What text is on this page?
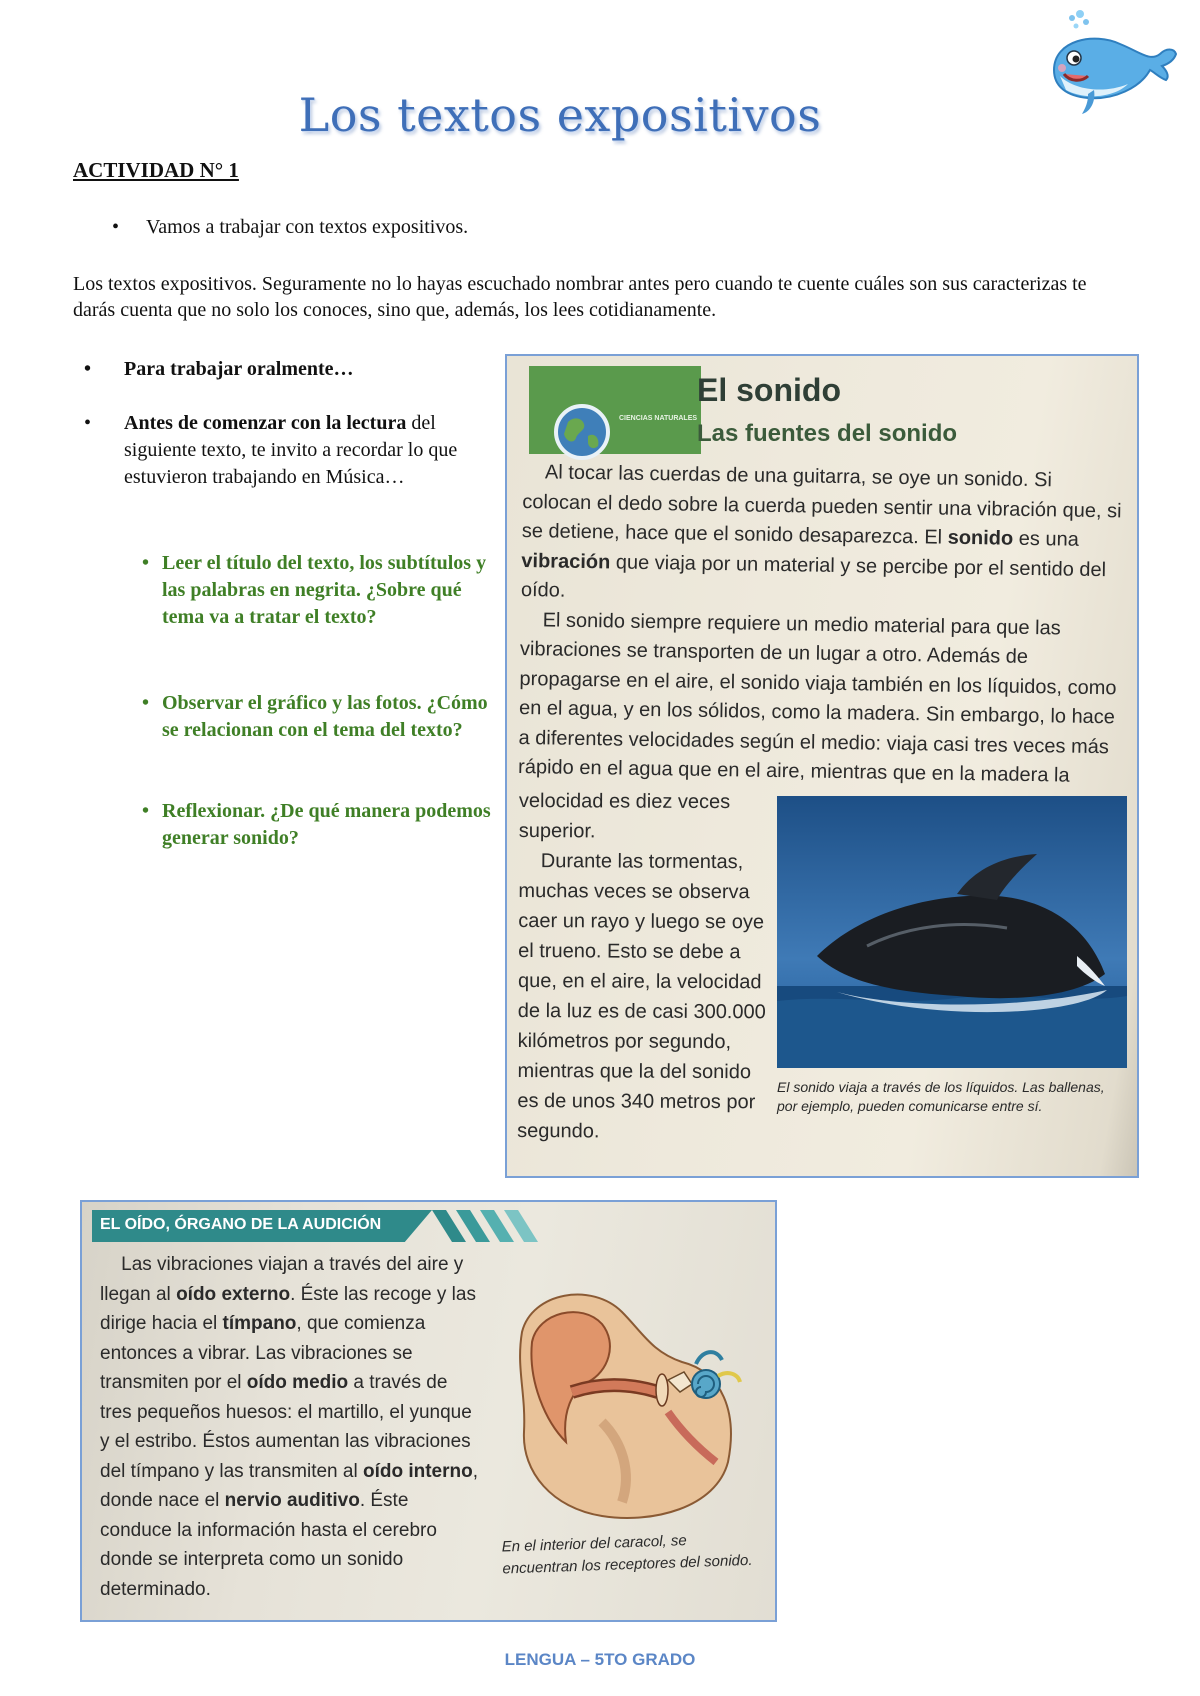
Los textos expositivos
ACTIVIDAD N° 1
• Vamos a trabajar con textos expositivos.
Los textos expositivos. Seguramente no lo hayas escuchado nombrar antes pero cuando te cuente cuáles son sus caracterizas te darás cuenta que no solo los conoces, sino que, además, los lees cotidianamente.
• Para trabajar oralmente…
• Antes de comenzar con la lectura del siguiente texto, te invito a recordar lo que estuvieron trabajando en Música…
• Leer el título del texto, los subtítulos y las palabras en negrita. ¿Sobre qué tema va a tratar el texto?
• Observar el gráfico y las fotos. ¿Cómo se relacionan con el tema del texto?
• Reflexionar. ¿De qué manera podemos generar sonido?
CIENCIAS NATURALES
El sonido
Las fuentes del sonido

Al tocar las cuerdas de una guitarra, se oye un sonido. Si colocan el dedo sobre la cuerda pueden sentir una vibración que, si se detiene, hace que el sonido desaparezca. El sonido es una vibración que viaja por un material y se percibe por el sentido del oído.

El sonido siempre requiere un medio material para que las vibraciones se transporten de un lugar a otro. Además de propagarse en el aire, el sonido viaja también en los líquidos, como en el agua, y en los sólidos, como la madera. Sin embargo, lo hace a diferentes velocidades según el medio: viaja casi tres veces más rápido en el agua que en el aire, mientras que en la madera la

velocidad es diez veces superior.

Durante las tormentas, muchas veces se observa caer un rayo y luego se oye el trueno. Esto se debe a que, en el aire, la velocidad de la luz es de casi 300.000 kilómetros por segundo, mientras que la del sonido es de unos 340 metros por segundo.

El sonido viaja a través de los líquidos. Las ballenas, por ejemplo, pueden comunicarse entre sí.
EL OÍDO, ÓRGANO DE LA AUDICIÓN
Las vibraciones viajan a través del aire y llegan al oído externo. Éste las recoge y las dirige hacia el tímpano, que comienza entonces a vibrar. Las vibraciones se transmiten por el oído medio a través de tres pequeños huesos: el martillo, el yunque y el estribo. Éstos aumentan las vibraciones del tímpano y las transmiten al oído interno, donde nace el nervio auditivo. Éste conduce la información hasta el cerebro donde se interpreta como un sonido determinado.
En el interior del caracol, se encuentran los receptores del sonido.
LENGUA – 5TO GRADO
